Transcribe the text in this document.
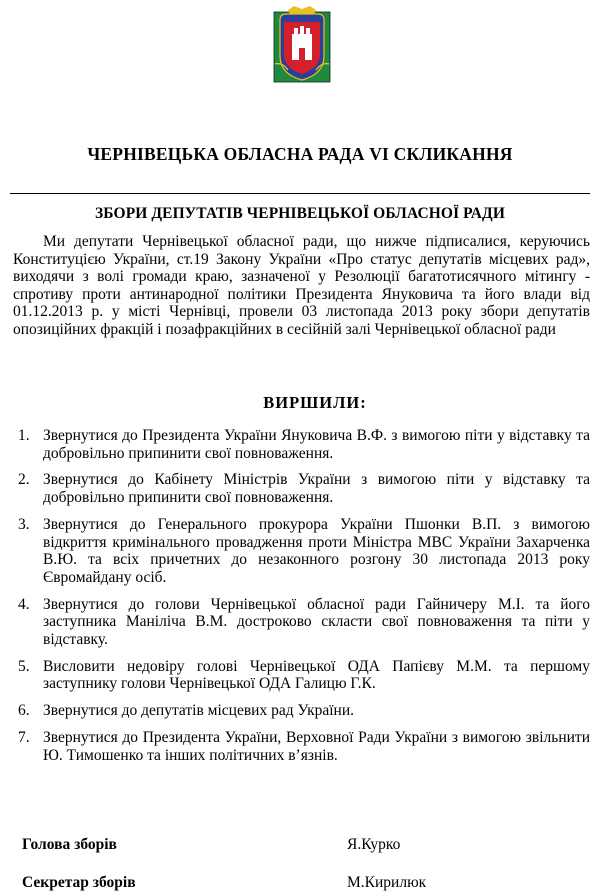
ЧЕРНІВЕЦЬКА ОБЛАСНА РАДА VI СКЛИКАННЯ
ЗБОРИ ДЕПУТАТІВ ЧЕРНІВЕЦЬКОЇ ОБЛАСНОЇ РАДИ
Ми депутати Чернівецької обласної ради, що нижче підписалися, керуючись Конституцією України, ст.19 Закону України «Про статус депутатів місцевих рад», виходячи з волі громади краю, зазначеної у Резолюції багатотисячного мітингу - спротиву проти антинародної політики Президента Януковича та його влади від 01.12.2013 р. у місті Чернівці, провели 03 листопада 2013 року збори депутатів опозиційних фракцій і позафракційних в сесійній залі Чернівецької обласної ради
ВИРШИЛИ:
1. Звернутися до Президента України Януковича В.Ф. з вимогою піти у відставку та добровільно припинити свої повноваження.
2. Звернутися до Кабінету Міністрів України з вимогою піти у відставку та добровільно припинити свої повноваження.
3. Звернутися до Генерального прокурора України Пшонки В.П. з вимогою відкриття кримінального провадження проти Міністра МВС України Захарченка В.Ю. та всіх причетних до незаконного розгону 30 листопада 2013 року Євромайдану осіб.
4. Звернутися до голови Чернівецької обласної ради Гайничеру М.І. та його заступника Маніліча В.М. достроково скласти свої повноваження та піти у відставку.
5. Висловити недовіру голові Чернівецької ОДА Папієву М.М. та першому заступнику голови Чернівецької ОДА Галицю Г.К.
6. Звернутися до депутатів місцевих рад України.
7. Звернутися до Президента України, Верховної Ради України з вимогою звільнити Ю. Тимошенко та інших політичних в’язнів.
Голова зборів	Я.Курко
Секретар зборів	М.Кирилюк
